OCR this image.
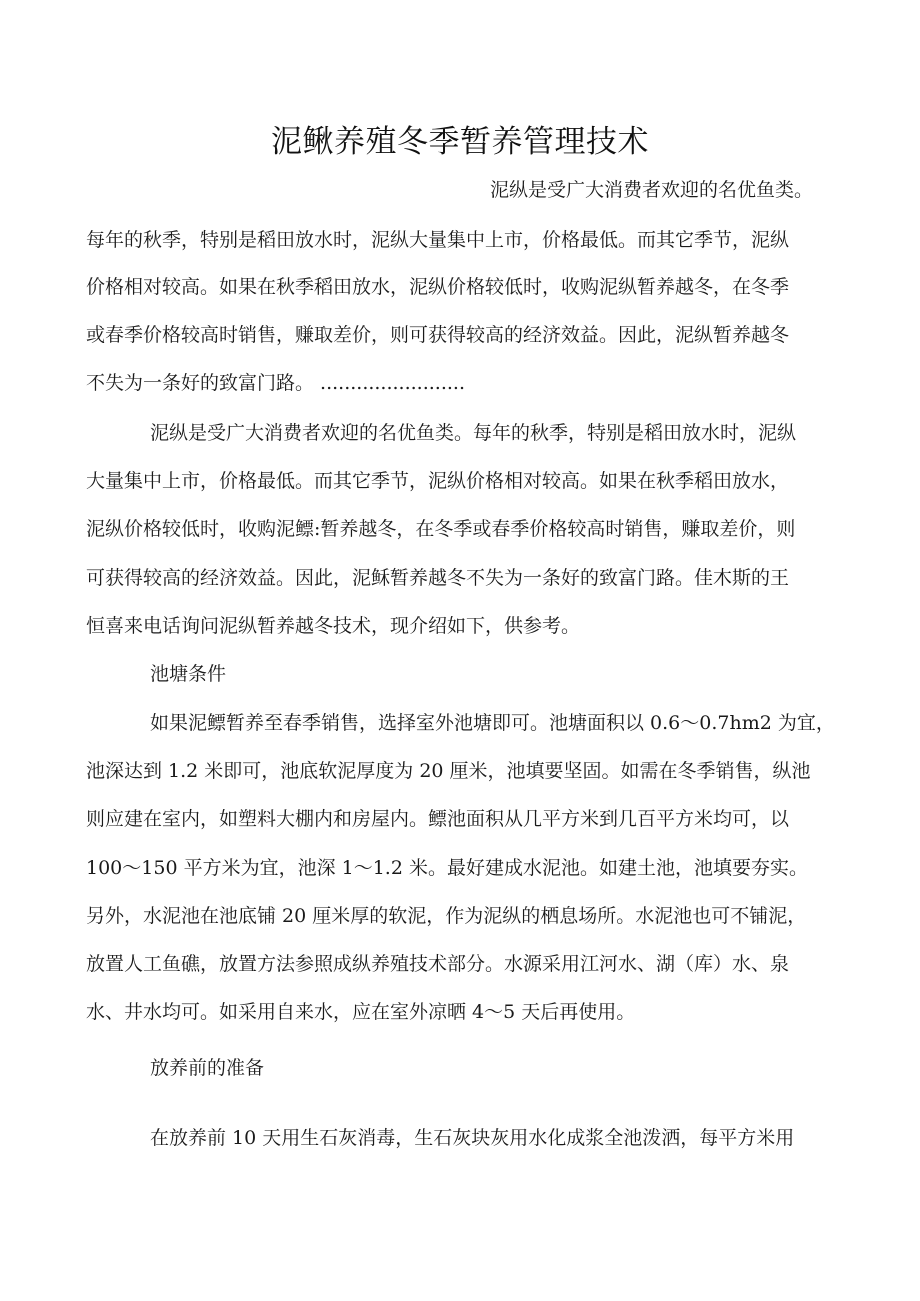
泥鳅养殖冬季暂养管理技术
泥纵是受广大消费者欢迎的名优鱼类。
每年的秋季，特别是稻田放水时，泥纵大量集中上市，价格最低。而其它季节，泥纵
价格相对较高。如果在秋季稻田放水，泥纵价格较低时，收购泥纵暂养越冬，在冬季
或春季价格较高时销售，赚取差价，则可获得较高的经济效益。因此，泥纵暂养越冬
不失为一条好的致富门路。 ........................
泥纵是受广大消费者欢迎的名优鱼类。每年的秋季，特别是稻田放水时，泥纵
大量集中上市，价格最低。而其它季节，泥纵价格相对较高。如果在秋季稻田放水，
泥纵价格较低时，收购泥鳔:暂养越冬，在冬季或春季价格较高时销售，赚取差价，则
可获得较高的经济效益。因此，泥稣暂养越冬不失为一条好的致富门路。佳木斯的王
恒喜来电话询问泥纵暂养越冬技术，现介绍如下，供参考。
池塘条件
如果泥鳔暂养至春季销售，选择室外池塘即可。池塘面积以 0.6～0.7hm2 为宜，
池深达到 1.2 米即可，池底软泥厚度为 20 厘米，池填要坚固。如需在冬季销售，纵池
则应建在室内，如塑料大棚内和房屋内。鳔池面积从几平方米到几百平方米均可，以
100～150 平方米为宜，池深 1～1.2 米。最好建成水泥池。如建土池，池填要夯实。
另外，水泥池在池底铺 20 厘米厚的软泥，作为泥纵的栖息场所。水泥池也可不铺泥，
放置人工鱼礁，放置方法参照成纵养殖技术部分。水源采用江河水、湖（库）水、泉
水、井水均可。如采用自来水，应在室外凉晒 4～5 天后再使用。
放养前的准备
在放养前 10 天用生石灰消毒，生石灰块灰用水化成浆全池泼洒，每平方米用
